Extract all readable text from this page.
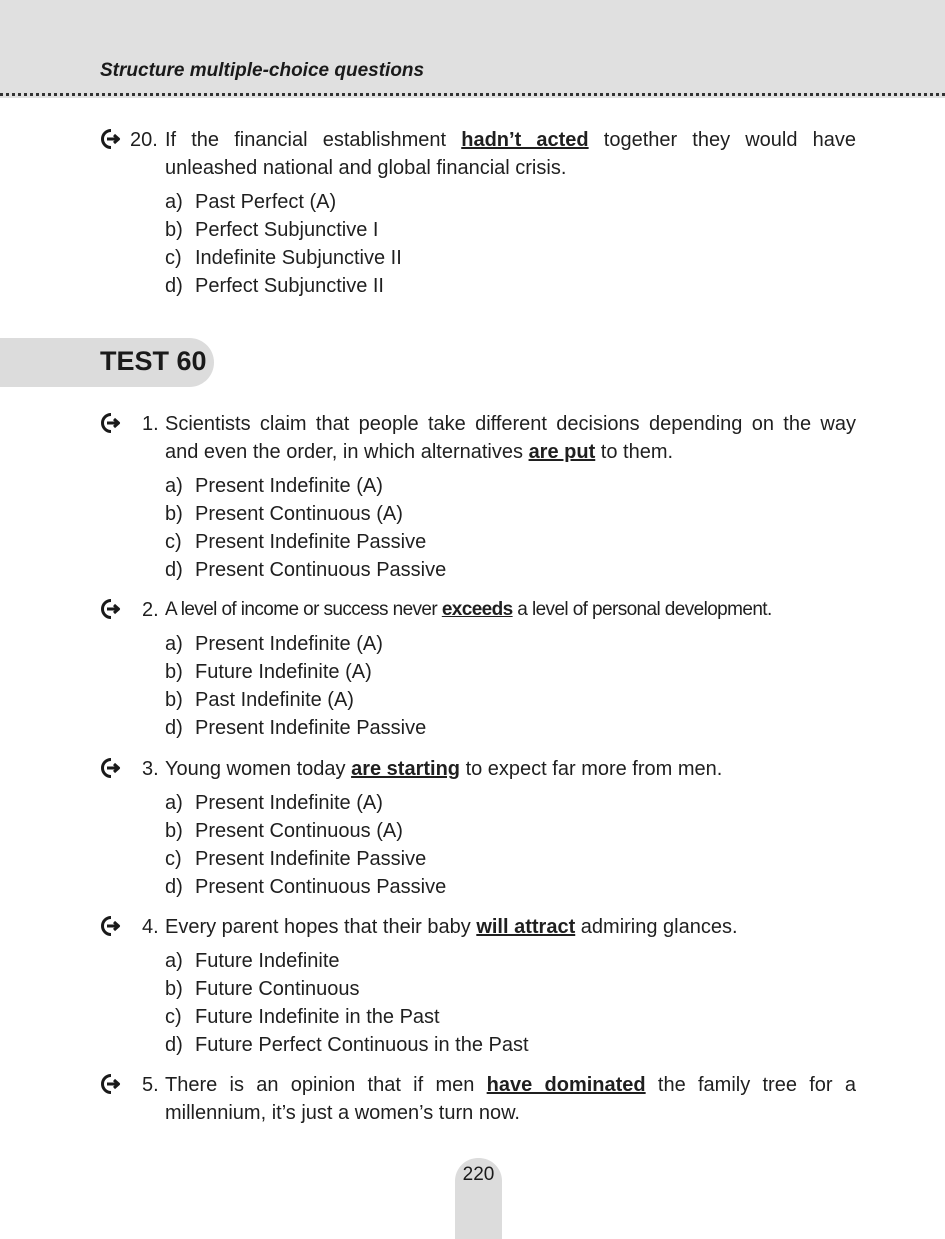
Structure multiple-choice questions
20. If the financial establishment hadn’t acted together they would have unleashed national and global financial crisis.
a) Past Perfect (A)
b) Perfect Subjunctive I
c) Indefinite Subjunctive II
d) Perfect Subjunctive II
TEST 60
1. Scientists claim that people take different decisions depending on the way and even the order, in which alternatives are put to them.
a) Present Indefinite (A)
b) Present Continuous (A)
c) Present Indefinite Passive
d) Present Continuous Passive
2. A level of income or success never exceeds a level of personal development.
a) Present Indefinite (A)
b) Future Indefinite (A)
b) Past Indefinite (A)
d) Present Indefinite Passive
3. Young women today are starting to expect far more from men.
a) Present Indefinite (A)
b) Present Continuous (A)
c) Present Indefinite Passive
d) Present Continuous Passive
4. Every parent hopes that their baby will attract admiring glances.
a) Future Indefinite
b) Future Continuous
c) Future Indefinite in the Past
d) Future Perfect Continuous in the Past
5. There is an opinion that if men have dominated the family tree for a millennium, it’s just a women’s turn now.
220
